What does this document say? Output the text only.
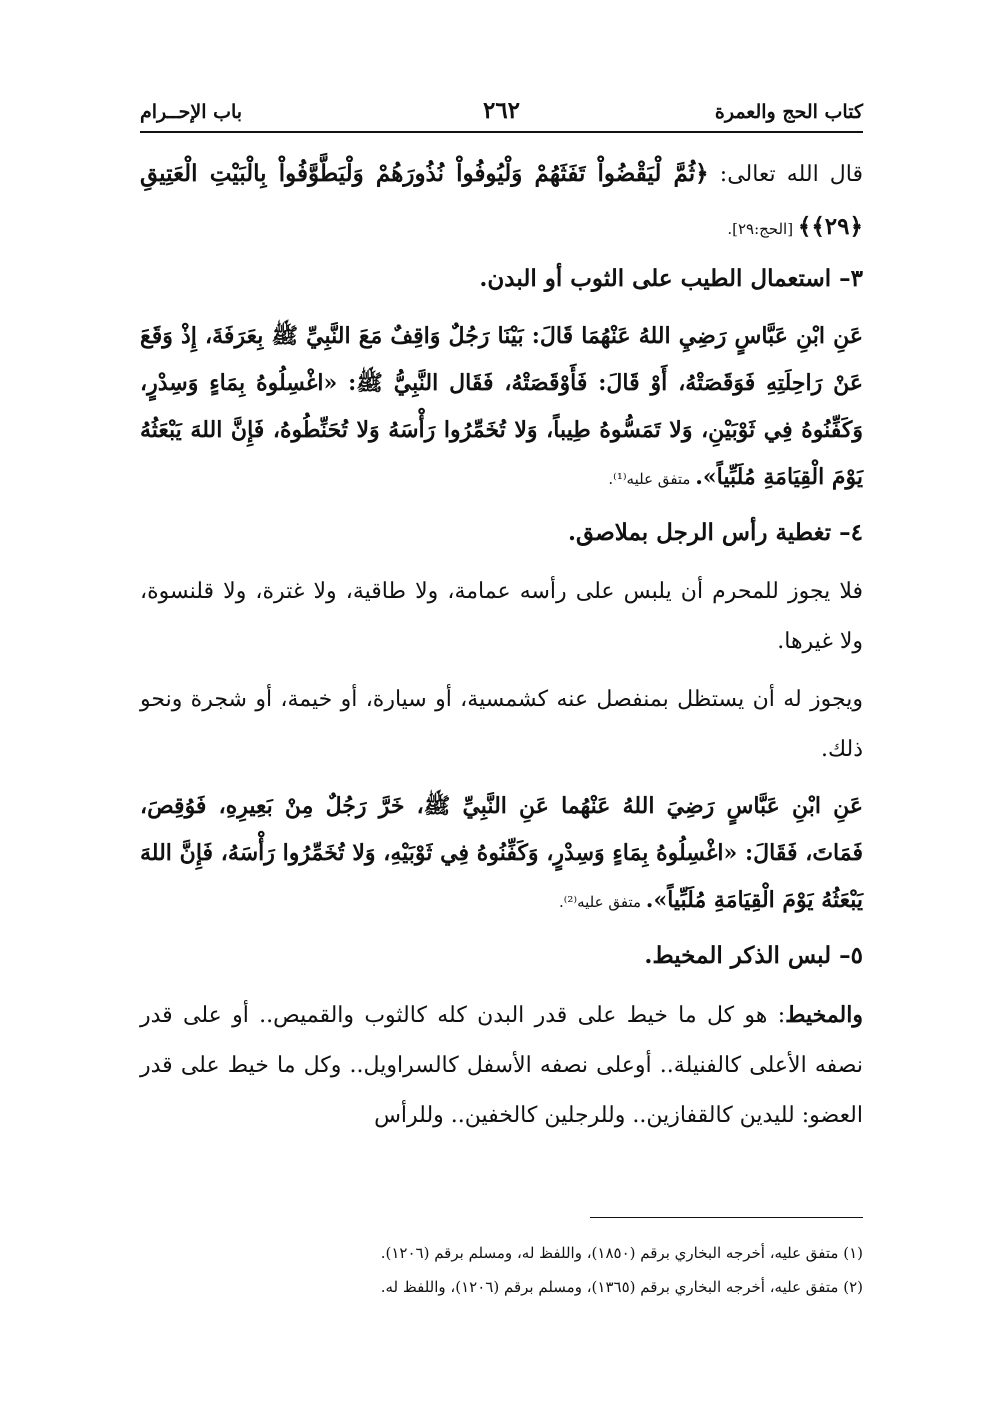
كتاب الحج والعمرة
٢٦٢
باب الإحــرام

قال الله تعالى: ﴿ثُمَّ لْيَقْضُواْ تَفَثَهُمْ وَلْيُوفُواْ نُذُورَهُمْ وَلْيَطَّوَّفُواْ بِالْبَيْتِ الْعَتِيقِ ﴿٢٩﴾﴾ [الحج:٢٩].

٣– استعمال الطيب على الثوب أو البدن.

عَنِ ابْنِ عَبَّاسٍ رَضِيِ اللهُ عَنْهُمَا قَالَ: بَيْنَا رَجُلٌ وَاقِفٌ مَعَ النَّبِيِّ ﷺ بِعَرَفَةَ، إِذْ وَقَعَ عَنْ رَاحِلَتِهِ فَوَقَصَتْهُ، أَوْ قَالَ: فَأَوْقَصَتْهُ، فَقَال النَّبِيُّ ﷺ: «اغْسِلُوهُ بِمَاءٍ وَسِدْرٍ، وَكَفِّنُوهُ فِي ثَوْبَيْنِ، وَلا تَمَسُّوهُ طِيباً، وَلا تُخَمِّرُوا رَأْسَهُ وَلا تُحَنِّطُوهُ، فَإِنَّ اللهَ يَبْعَثُهُ يَوْمَ الْقِيَامَةِ مُلَبِّياً». متفق عليه⁽¹⁾.

٤– تغطية رأس الرجل بملاصق.

فلا يجوز للمحرم أن يلبس على رأسه عمامة، ولا طاقية، ولا غترة، ولا قلنسوة، ولا غيرها.

ويجوز له أن يستظل بمنفصل عنه كشمسية، أو سيارة، أو خيمة، أو شجرة ونحو ذلك.

عَنِ ابْنِ عَبَّاسٍ رَضِيَ اللهُ عَنْهُما عَنِ النَّبِيِّ ﷺ، خَرَّ رَجُلٌ مِنْ بَعِيرِهِ، فَوُقِصَ، فَمَاتَ، فَقَالَ: «اغْسِلُوهُ بِمَاءٍ وَسِدْرٍ، وَكَفِّنُوهُ فِي ثَوْبَيْهِ، وَلا تُخَمِّرُوا رَأْسَهُ، فَإِنَّ اللهَ يَبْعَثُهُ يَوْمَ الْقِيَامَةِ مُلَبِّياً». متفق عليه⁽²⁾.

٥– لبس الذكر المخيط.

والمخيط: هو كل ما خيط على قدر البدن كله كالثوب والقميص.. أو على قدر نصفه الأعلى كالفنيلة.. أوعلى نصفه الأسفل كالسراويل.. وكل ما خيط على قدر العضو: لليدين كالقفازين.. وللرجلين كالخفين.. وللرأس

(١) متفق عليه، أخرجه البخاري برقم (١٨٥٠)، واللفظ له، ومسلم برقم (١٢٠٦).

(٢) متفق عليه، أخرجه البخاري برقم (١٣٦٥)، ومسلم برقم (١٢٠٦)، واللفظ له.
